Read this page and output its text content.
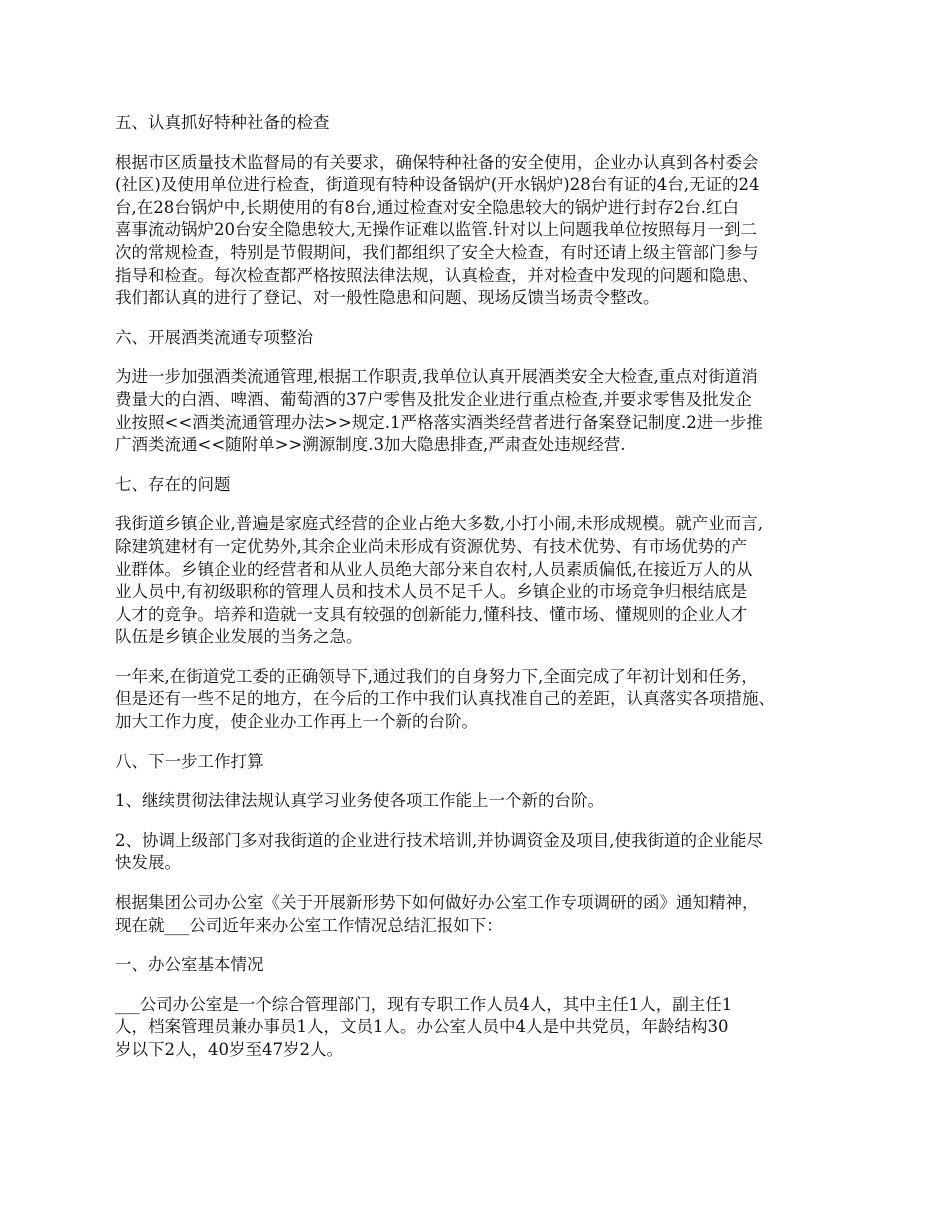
五、认真抓好特种社备的检查
根据市区质量技术监督局的有关要求，确保特种社备的安全使用，企业办认真到各村委会
(社区)及使用单位进行检查，街道现有特种设备锅炉(开水锅炉)28台有证的4台,无证的24
台,在28台锅炉中,长期使用的有8台,通过检查对安全隐患较大的锅炉进行封存2台.红白
喜事流动锅炉20台安全隐患较大,无操作证难以监管.针对以上问题我单位按照每月一到二
次的常规检查，特别是节假期间，我们都组织了安全大检查，有时还请上级主管部门参与
指导和检查。每次检查都严格按照法律法规，认真检查，并对检查中发现的问题和隐患、
我们都认真的进行了登记、对一般性隐患和问题、现场反馈当场责令整改。
六、开展酒类流通专项整治
为进一步加强酒类流通管理,根据工作职责,我单位认真开展酒类安全大检查,重点对街道消
费量大的白酒、啤酒、葡萄酒的37户零售及批发企业进行重点检查,并要求零售及批发企
业按照<<酒类流通管理办法>>规定.1严格落实酒类经营者进行备案登记制度.2进一步推
广酒类流通<<随附单>>溯源制度.3加大隐患排查,严肃查处违规经营.
七、存在的问题
我街道乡镇企业,普遍是家庭式经营的企业占绝大多数,小打小闹,未形成规模。就产业而言,
除建筑建材有一定优势外,其余企业尚未形成有资源优势、有技术优势、有市场优势的产
业群体。乡镇企业的经营者和从业人员绝大部分来自农村,人员素质偏低,在接近万人的从
业人员中,有初级职称的管理人员和技术人员不足千人。乡镇企业的市场竞争归根结底是
人才的竞争。培养和造就一支具有较强的创新能力,懂科技、懂市场、懂规则的企业人才
队伍是乡镇企业发展的当务之急。
一年来,在街道党工委的正确领导下,通过我们的自身努力下,全面完成了年初计划和任务，
但是还有一些不足的地方，在今后的工作中我们认真找准自己的差距，认真落实各项措施、
加大工作力度，使企业办工作再上一个新的台阶。
八、下一步工作打算
1、继续贯彻法律法规认真学习业务使各项工作能上一个新的台阶。
2、协调上级部门多对我街道的企业进行技术培训,并协调资金及项目,使我街道的企业能尽
快发展。
根据集团公司办公室《关于开展新形势下如何做好办公室工作专项调研的函》通知精神，
现在就___公司近年来办公室工作情况总结汇报如下：
一、办公室基本情况
___公司办公室是一个综合管理部门，现有专职工作人员4人，其中主任1人，副主任1
人，档案管理员兼办事员1人，文员1人。办公室人员中4人是中共党员，年龄结构30
岁以下2人，40岁至47岁2人。
